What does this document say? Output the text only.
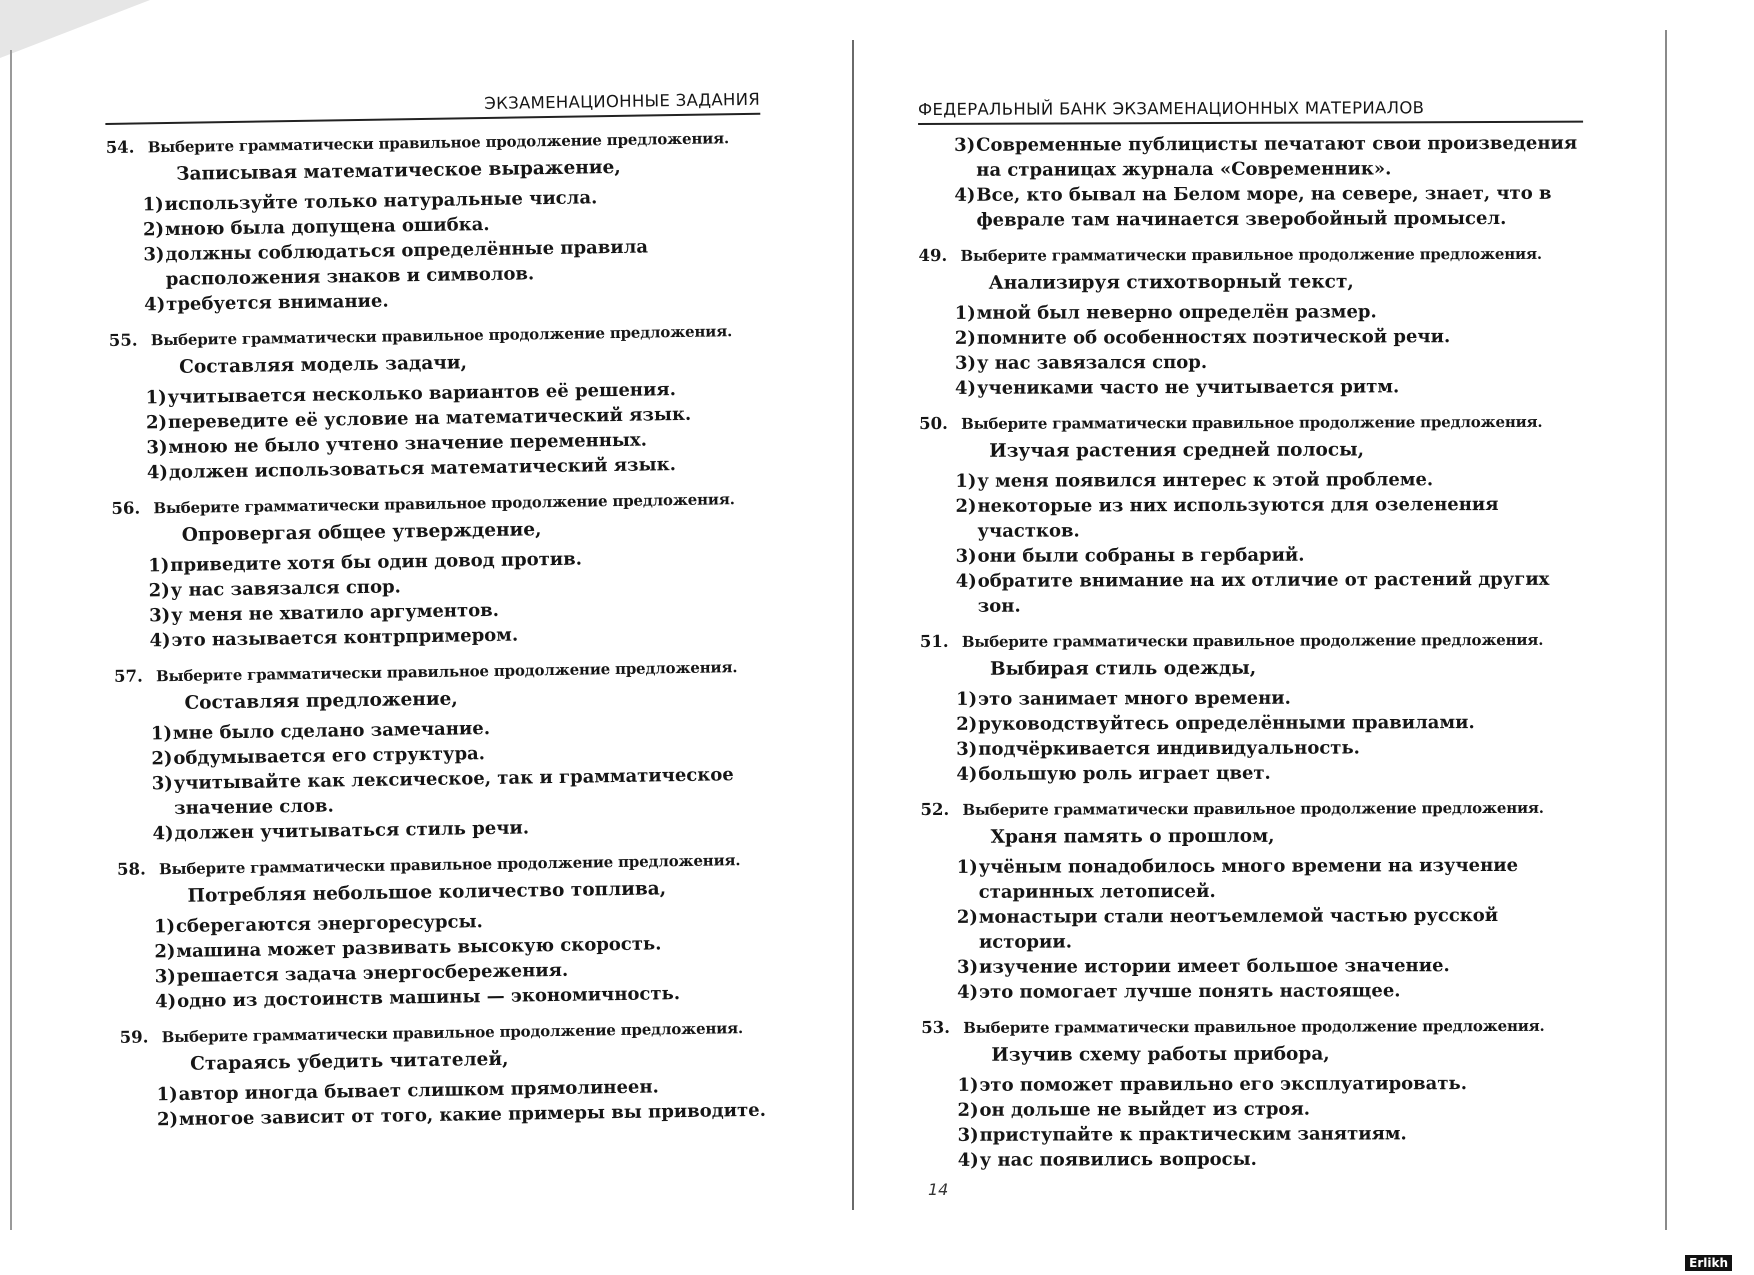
ЭКЗАМЕНАЦИОННЫЕ ЗАДАНИЯ
54. Выберите грамматически правильное продолжение предложения.
Записывая математическое выражение,
1) используйте только натуральные числа.
2) мною была допущена ошибка.
3) должны соблюдаться определённые правила расположения знаков и символов.
4) требуется внимание.
55. Выберите грамматически правильное продолжение предложения.
Составляя модель задачи,
1) учитывается несколько вариантов её решения.
2) переведите её условие на математический язык.
3) мною не было учтено значение переменных.
4) должен использоваться математический язык.
56. Выберите грамматически правильное продолжение предложения.
Опровергая общее утверждение,
1) приведите хотя бы один довод против.
2) у нас завязался спор.
3) у меня не хватило аргументов.
4) это называется контрпримером.
57. Выберите грамматически правильное продолжение предложения.
Составляя предложение,
1) мне было сделано замечание.
2) обдумывается его структура.
3) учитывайте как лексическое, так и грамматическое значение слов.
4) должен учитываться стиль речи.
58. Выберите грамматически правильное продолжение предложения.
Потребляя небольшое количество топлива,
1) сберегаются энергоресурсы.
2) машина может развивать высокую скорость.
3) решается задача энергосбережения.
4) одно из достоинств машины — экономичность.
59. Выберите грамматически правильное продолжение предложения.
Стараясь убедить читателей,
1) автор иногда бывает слишком прямолинеен.
2) многое зависит от того, какие примеры вы приводите.
ФЕДЕРАЛЬНЫЙ БАНК ЭКЗАМЕНАЦИОННЫХ МАТЕРИАЛОВ
3) Современные публицисты печатают свои произведения на страницах журнала «Современник».
4) Все, кто бывал на Белом море, на севере, знает, что в феврале там начинается зверобойный промысел.
49. Выберите грамматически правильное продолжение предложения.
Анализируя стихотворный текст,
1) мной был неверно определён размер.
2) помните об особенностях поэтической речи.
3) у нас завязался спор.
4) учениками часто не учитывается ритм.
50. Выберите грамматически правильное продолжение предложения.
Изучая растения средней полосы,
1) у меня появился интерес к этой проблеме.
2) некоторые из них используются для озеленения участков.
3) они были собраны в гербарий.
4) обратите внимание на их отличие от растений других зон.
51. Выберите грамматически правильное продолжение предложения.
Выбирая стиль одежды,
1) это занимает много времени.
2) руководствуйтесь определёнными правилами.
3) подчёркивается индивидуальность.
4) большую роль играет цвет.
52. Выберите грамматически правильное продолжение предложения.
Храня память о прошлом,
1) учёным понадобилось много времени на изучение старинных летописей.
2) монастыри стали неотъемлемой частью русской истории.
3) изучение истории имеет большое значение.
4) это помогает лучше понять настоящее.
53. Выберите грамматически правильное продолжение предложения.
Изучив схему работы прибора,
1) это поможет правильно его эксплуатировать.
2) он дольше не выйдет из строя.
3) приступайте к практическим занятиям.
4) у нас появились вопросы.
14
Erlikh
